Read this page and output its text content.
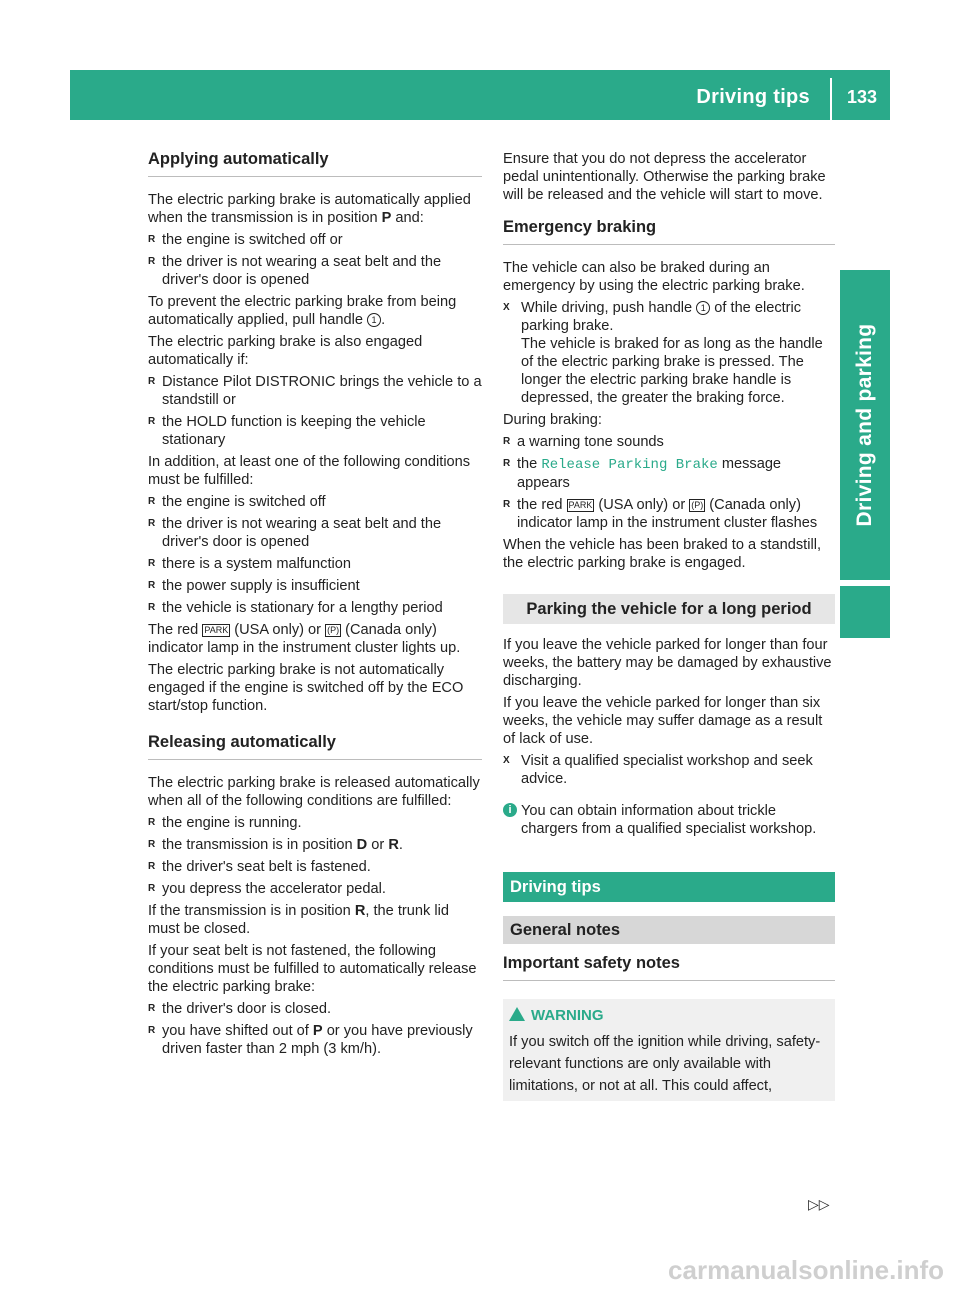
Driving tips	133
Driving and parking
Applying automatically

The electric parking brake is automatically applied when the transmission is in position P and:

R the engine is switched off or
R the driver is not wearing a seat belt and the driver's door is opened

To prevent the electric parking brake from being automatically applied, pull handle 1 .

The electric parking brake is also engaged automatically if:

R Distance Pilot DISTRONIC brings the vehicle to a standstill or
R the HOLD function is keeping the vehicle stationary

In addition, at least one of the following conditions must be fulfilled:

R the engine is switched off
R the driver is not wearing a seat belt and the driver's door is opened
R there is a system malfunction
R the power supply is insufficient
R the vehicle is stationary for a lengthy period

The red PARK (USA only) or (P) (Canada only) indicator lamp in the instrument cluster lights up.

The electric parking brake is not automatically engaged if the engine is switched off by the ECO start/stop function.

Releasing automatically

The electric parking brake is released automatically when all of the following conditions are fulfilled:

R the engine is running.
R the transmission is in position D or R.
R the driver's seat belt is fastened.
R you depress the accelerator pedal.

If the transmission is in position R, the trunk lid must be closed.

If your seat belt is not fastened, the following conditions must be fulfilled to automatically release the electric parking brake:

R the driver's door is closed.
R you have shifted out of P or you have previously driven faster than 2 mph (3 km/h).

Ensure that you do not depress the accelerator pedal unintentionally. Otherwise the parking brake will be released and the vehicle will start to move.

Emergency braking

The vehicle can also be braked during an emergency by using the electric parking brake.

X While driving, push handle 1 of the electric parking brake.
The vehicle is braked for as long as the handle of the electric parking brake is pressed. The longer the electric parking brake handle is depressed, the greater the braking force.

During braking:

R a warning tone sounds
R the Release Parking Brake message appears
R the red PARK (USA only) or (P) (Canada only) indicator lamp in the instrument cluster flashes

When the vehicle has been braked to a standstill, the electric parking brake is engaged.

Parking the vehicle for a long period

If you leave the vehicle parked for longer than four weeks, the battery may be damaged by exhaustive discharging.

If you leave the vehicle parked for longer than six weeks, the vehicle may suffer damage as a result of lack of use.

X Visit a qualified specialist workshop and seek advice.
i You can obtain information about trickle chargers from a qualified specialist workshop.
Driving tips
General notes
Important safety notes
WARNING
If you switch off the ignition while driving, safety-relevant functions are only available with limitations, or not at all. This could affect,
▷▷
carmanualsonline.info
